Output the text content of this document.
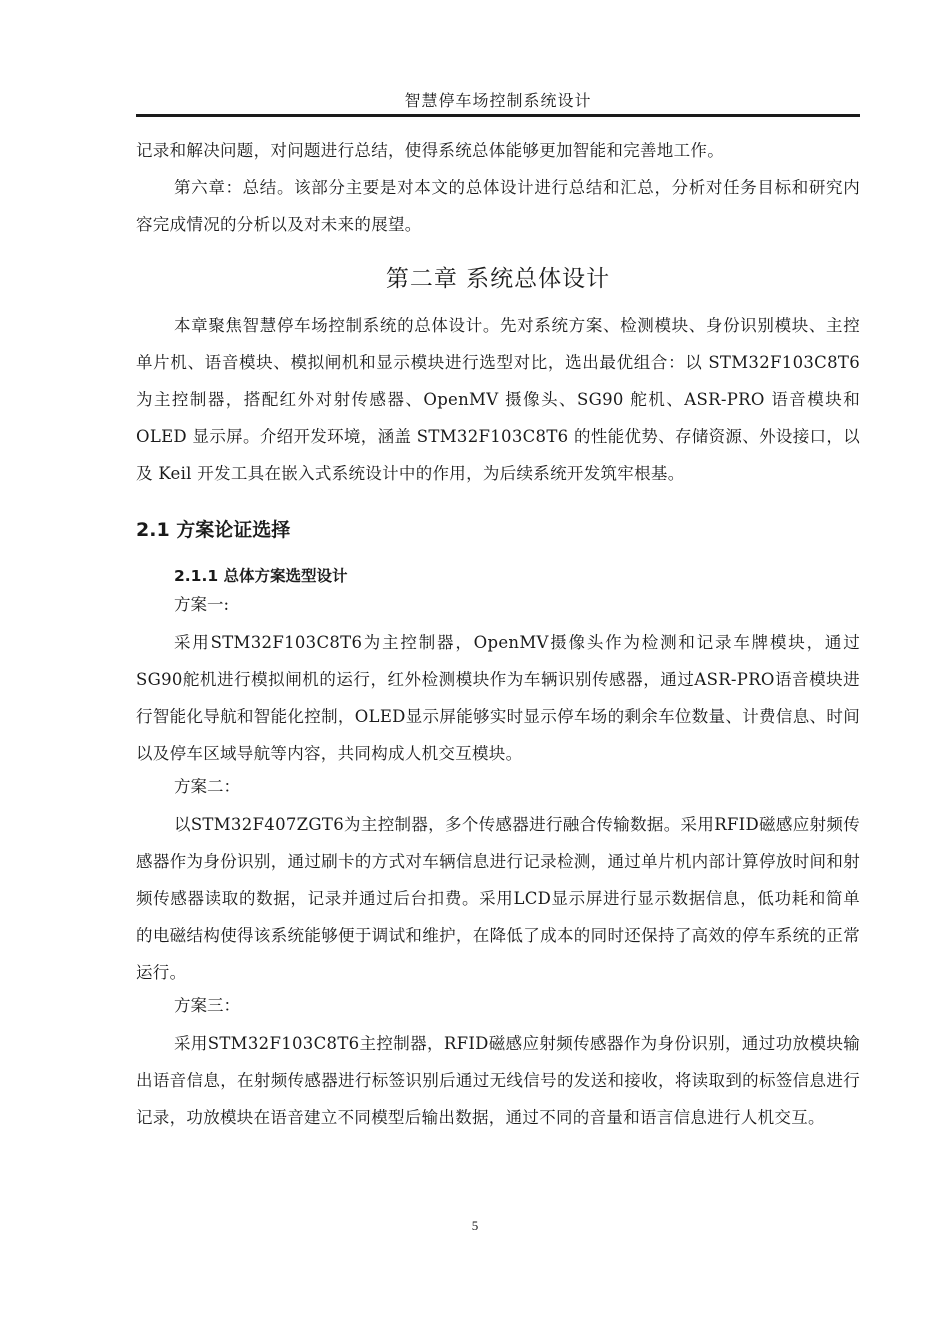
智慧停车场控制系统设计

记录和解决问题，对问题进行总结，使得系统总体能够更加智能和完善地工作。

第六章：总结。该部分主要是对本文的总体设计进行总结和汇总，分析对任务目标和研究内容完成情况的分析以及对未来的展望。

第二章 系统总体设计

本章聚焦智慧停车场控制系统的总体设计。先对系统方案、检测模块、身份识别模块、主控单片机、语音模块、模拟闸机和显示模块进行选型对比，选出最优组合：以 STM32F103C8T6 为主控制器，搭配红外对射传感器、OpenMV 摄像头、SG90 舵机、ASR-PRO 语音模块和 OLED 显示屏。介绍开发环境，涵盖 STM32F103C8T6 的性能优势、存储资源、外设接口，以及 Keil 开发工具在嵌入式系统设计中的作用，为后续系统开发筑牢根基。

2.1 方案论证选择
2.1.1 总体方案选型设计

方案一:

采用STM32F103C8T6为主控制器，OpenMV摄像头作为检测和记录车牌模块，通过SG90舵机进行模拟闸机的运行，红外检测模块作为车辆识别传感器，通过ASR-PRO语音模块进行智能化导航和智能化控制，OLED显示屏能够实时显示停车场的剩余车位数量、计费信息、时间以及停车区域导航等内容，共同构成人机交互模块。

方案二：

以STM32F407ZGT6为主控制器，多个传感器进行融合传输数据。采用RFID磁感应射频传感器作为身份识别，通过刷卡的方式对车辆信息进行记录检测，通过单片机内部计算停放时间和射频传感器读取的数据，记录并通过后台扣费。采用LCD显示屏进行显示数据信息，低功耗和简单的电磁结构使得该系统能够便于调试和维护，在降低了成本的同时还保持了高效的停车系统的正常运行。

方案三：

采用STM32F103C8T6主控制器，RFID磁感应射频传感器作为身份识别，通过功放模块输出语音信息，在射频传感器进行标签识别后通过无线信号的发送和接收，将读取到的标签信息进行记录，功放模块在语音建立不同模型后输出数据，通过不同的音量和语言信息进行人机交互。

5
